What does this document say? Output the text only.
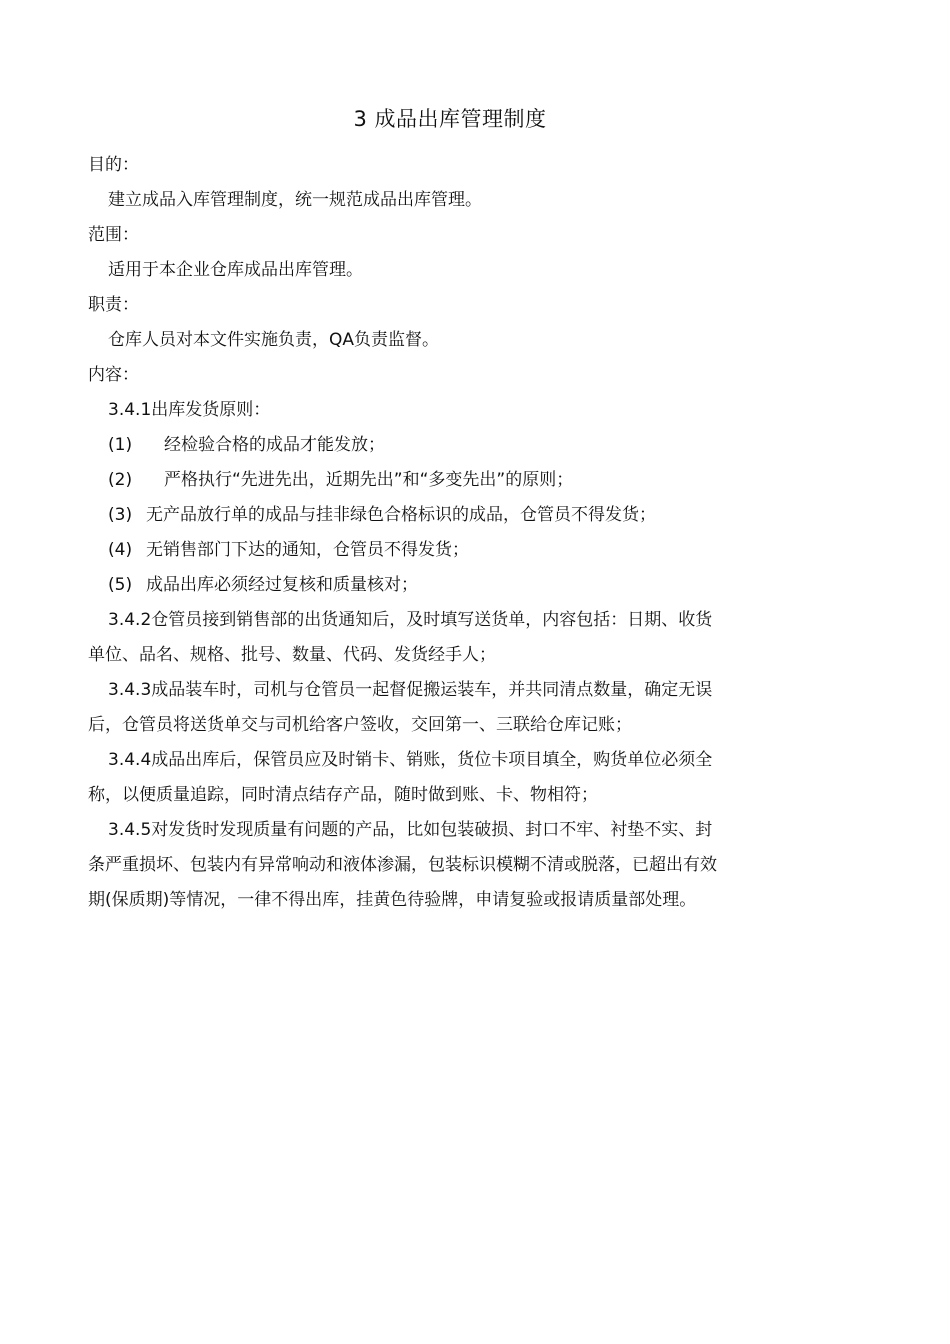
3 成品出库管理制度
目的：
建立成品入库管理制度，统一规范成品出库管理。
范围：
适用于本企业仓库成品出库管理。
职责：
仓库人员对本文件实施负责，QA负责监督。
内容：
3.4.1出库发货原则：
(1) 经检验合格的成品才能发放；
(2) 严格执行“先进先出，近期先出”和“多变先出”的原则；
(3) 无产品放行单的成品与挂非绿色合格标识的成品，仓管员不得发货；
(4) 无销售部门下达的通知，仓管员不得发货；
(5) 成品出库必须经过复核和质量核对；
3.4.2仓管员接到销售部的出货通知后，及时填写送货单，内容包括：日期、收货
单位、品名、规格、批号、数量、代码、发货经手人；
3.4.3成品装车时，司机与仓管员一起督促搬运装车，并共同清点数量，确定无误
后，仓管员将送货单交与司机给客户签收，交回第一、三联给仓库记账；
3.4.4成品出库后，保管员应及时销卡、销账，货位卡项目填全，购货单位必须全
称，以便质量追踪，同时清点结存产品，随时做到账、卡、物相符；
3.4.5对发货时发现质量有问题的产品，比如包装破损、封口不牢、衬垫不实、封
条严重损坏、包装内有异常响动和液体渗漏，包装标识模糊不清或脱落，已超出有效
期(保质期)等情况，一律不得出库，挂黄色待验牌，申请复验或报请质量部处理。
